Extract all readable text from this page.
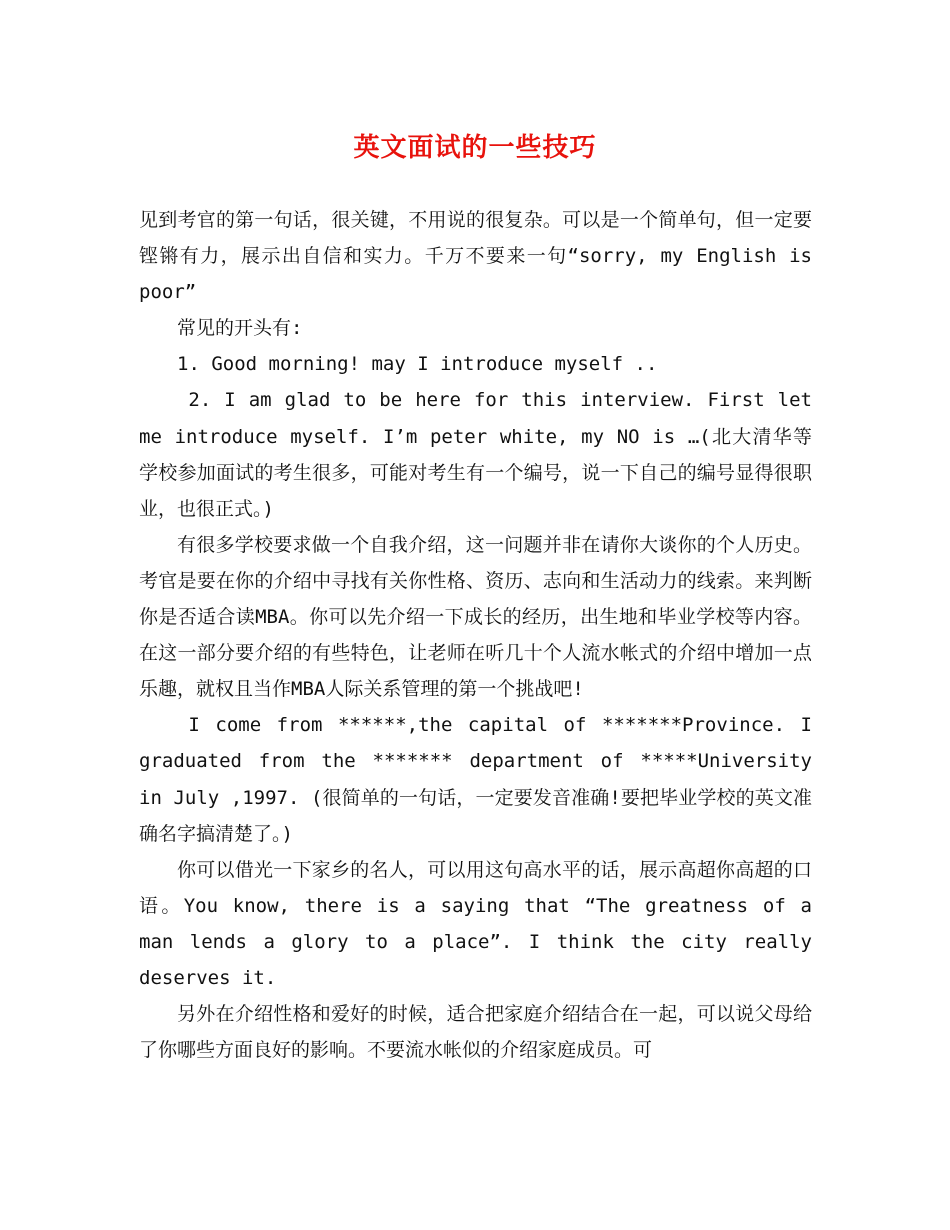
英文面试的一些技巧

见到考官的第一句话，很关键，不用说的很复杂。可以是一个简单句，但一定要铿锵有力，展示出自信和实力。千万不要来一句“sorry, my English is poor”

常见的开头有:

1. Good morning! may I introduce myself ..

2. I am glad to be here for this interview. First let me introduce myself. I’m peter white, my NO is …(北大清华等学校参加面试的考生很多，可能对考生有一个编号，说一下自己的编号显得很职业，也很正式。)

有很多学校要求做一个自我介绍，这一问题并非在请你大谈你的个人历史。考官是要在你的介绍中寻找有关你性格、资历、志向和生活动力的线索。来判断你是否适合读MBA。你可以先介绍一下成长的经历，出生地和毕业学校等内容。在这一部分要介绍的有些特色，让老师在听几十个人流水帐式的介绍中增加一点乐趣，就权且当作MBA人际关系管理的第一个挑战吧!

I come from ******,the capital of *******Province. I graduated from the ******* department of *****University in July ,1997. (很简单的一句话，一定要发音准确!要把毕业学校的英文准确名字搞清楚了。)

你可以借光一下家乡的名人，可以用这句高水平的话，展示高超你高超的口语。You know, there is a saying that “The greatness of a man lends a glory to a place”. I think the city really deserves it.

另外在介绍性格和爱好的时候，适合把家庭介绍结合在一起，可以说父母给了你哪些方面良好的影响。不要流水帐似的介绍家庭成员。可
